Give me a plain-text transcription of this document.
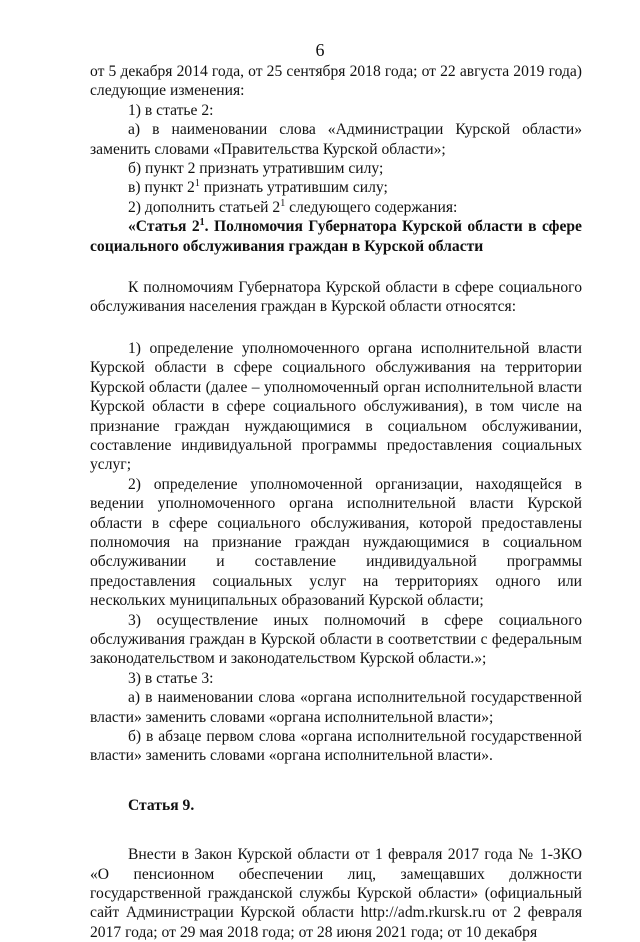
6

от 5 декабря 2014 года, от 25 сентября 2018 года; от 22 августа 2019 года) следующие изменения:

1) в статье 2:

а) в наименовании слова «Администрации Курской области» заменить словами «Правительства Курской области»;

б) пункт 2 признать утратившим силу;

в) пункт $2^1$ признать утратившим силу;

2) дополнить статьей $2^1$ следующего содержания:

«Статья $2^1$. Полномочия Губернатора Курской области в сфере социального обслуживания граждан в Курской области

К полномочиям Губернатора Курской области в сфере социального обслуживания населения граждан в Курской области относятся:

1) определение уполномоченного органа исполнительной власти Курской области в сфере социального обслуживания на территории Курской области (далее – уполномоченный орган исполнительной власти Курской области в сфере социального обслуживания), в том числе на признание граждан нуждающимися в социальном обслуживании, составление индивидуальной программы предоставления социальных услуг;

2) определение уполномоченной организации, находящейся в ведении уполномоченного органа исполнительной власти Курской области в сфере социального обслуживания, которой предоставлены полномочия на признание граждан нуждающимися в социальном обслуживании и составление индивидуальной программы предоставления социальных услуг на территориях одного или нескольких муниципальных образований Курской области;

3) осуществление иных полномочий в сфере социального обслуживания граждан в Курской области в соответствии с федеральным законодательством и законодательством Курской области.»;

3) в статье 3:

а) в наименовании слова «органа исполнительной государственной власти» заменить словами «органа исполнительной власти»;

б) в абзаце первом слова «органа исполнительной государственной власти» заменить словами «органа исполнительной власти».

Статья 9.

Внести в Закон Курской области от 1 февраля 2017 года № 1-ЗКО «О пенсионном обеспечении лиц, замещавших должности государственной гражданской службы Курской области» (официальный сайт Администрации Курской области http://adm.rkursk.ru от 2 февраля 2017 года; от 29 мая 2018 года; от 28 июня 2021 года; от 10 декабря
